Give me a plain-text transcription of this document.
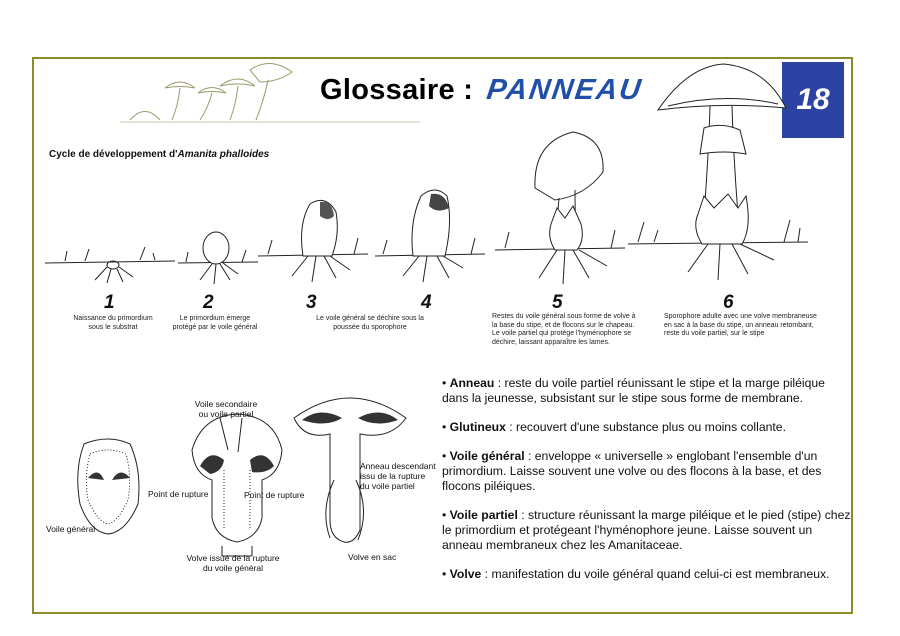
Glossaire : PANNEAU	18
Cycle de développement d'Amanita phalloides
1	2	3	4	5	6
Naissance du primordium
sous le substrat
Le primordium émerge
protégé par le voile général
Le voile général se déchire sous la
poussée du sporophore
Restes du voile général sous forme de volve à
la base du stipe, et de flocons sur le chapeau.
Le voile partiel qui protège l'hyménophore se
déchire, laissant apparaître les lames.
Sporophore adulte avec une volve membraneuse
en sac à la base du stipe, un anneau retombant,
reste du voile partiel, sur le stipe
Voile général
Voile secondaire
ou voile partiel
Point de rupture	Point de rupture
Volve issue de la rupture
du voile général
Anneau descendant
issu de la rupture
du voile partiel
Volve en sac

• Anneau : reste du voile partiel réunissant le stipe et la marge piléique dans la jeunesse, subsistant sur le stipe sous forme de membrane.

• Glutineux : recouvert d'une substance plus ou moins collante.

• Voile général : enveloppe « universelle » englobant l'ensemble d'un primordium. Laisse souvent une volve ou des flocons à la base, et des flocons piléiques.

• Voile partiel : structure réunissant la marge piléique et le pied (stipe) chez le primordium et protégeant l'hyménophore jeune. Laisse souvent un anneau membraneux chez les Amanitaceae.

• Volve : manifestation du voile général quand celui-ci est membraneux.
